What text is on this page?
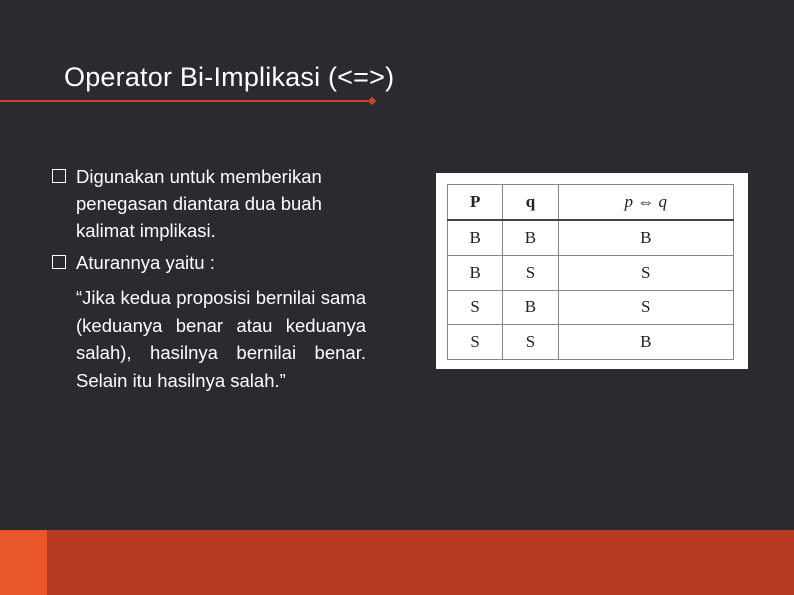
Operator Bi-Implikasi (<=>)
Digunakan untuk memberikan penegasan diantara dua buah kalimat implikasi.
Aturannya yaitu :
“Jika kedua proposisi bernilai sama (keduanya benar atau keduanya salah), hasilnya bernilai benar. Selain itu hasilnya salah.”
P	q	p ⇔ q
B	B	B
B	S	S
S	B	S
S	S	B
